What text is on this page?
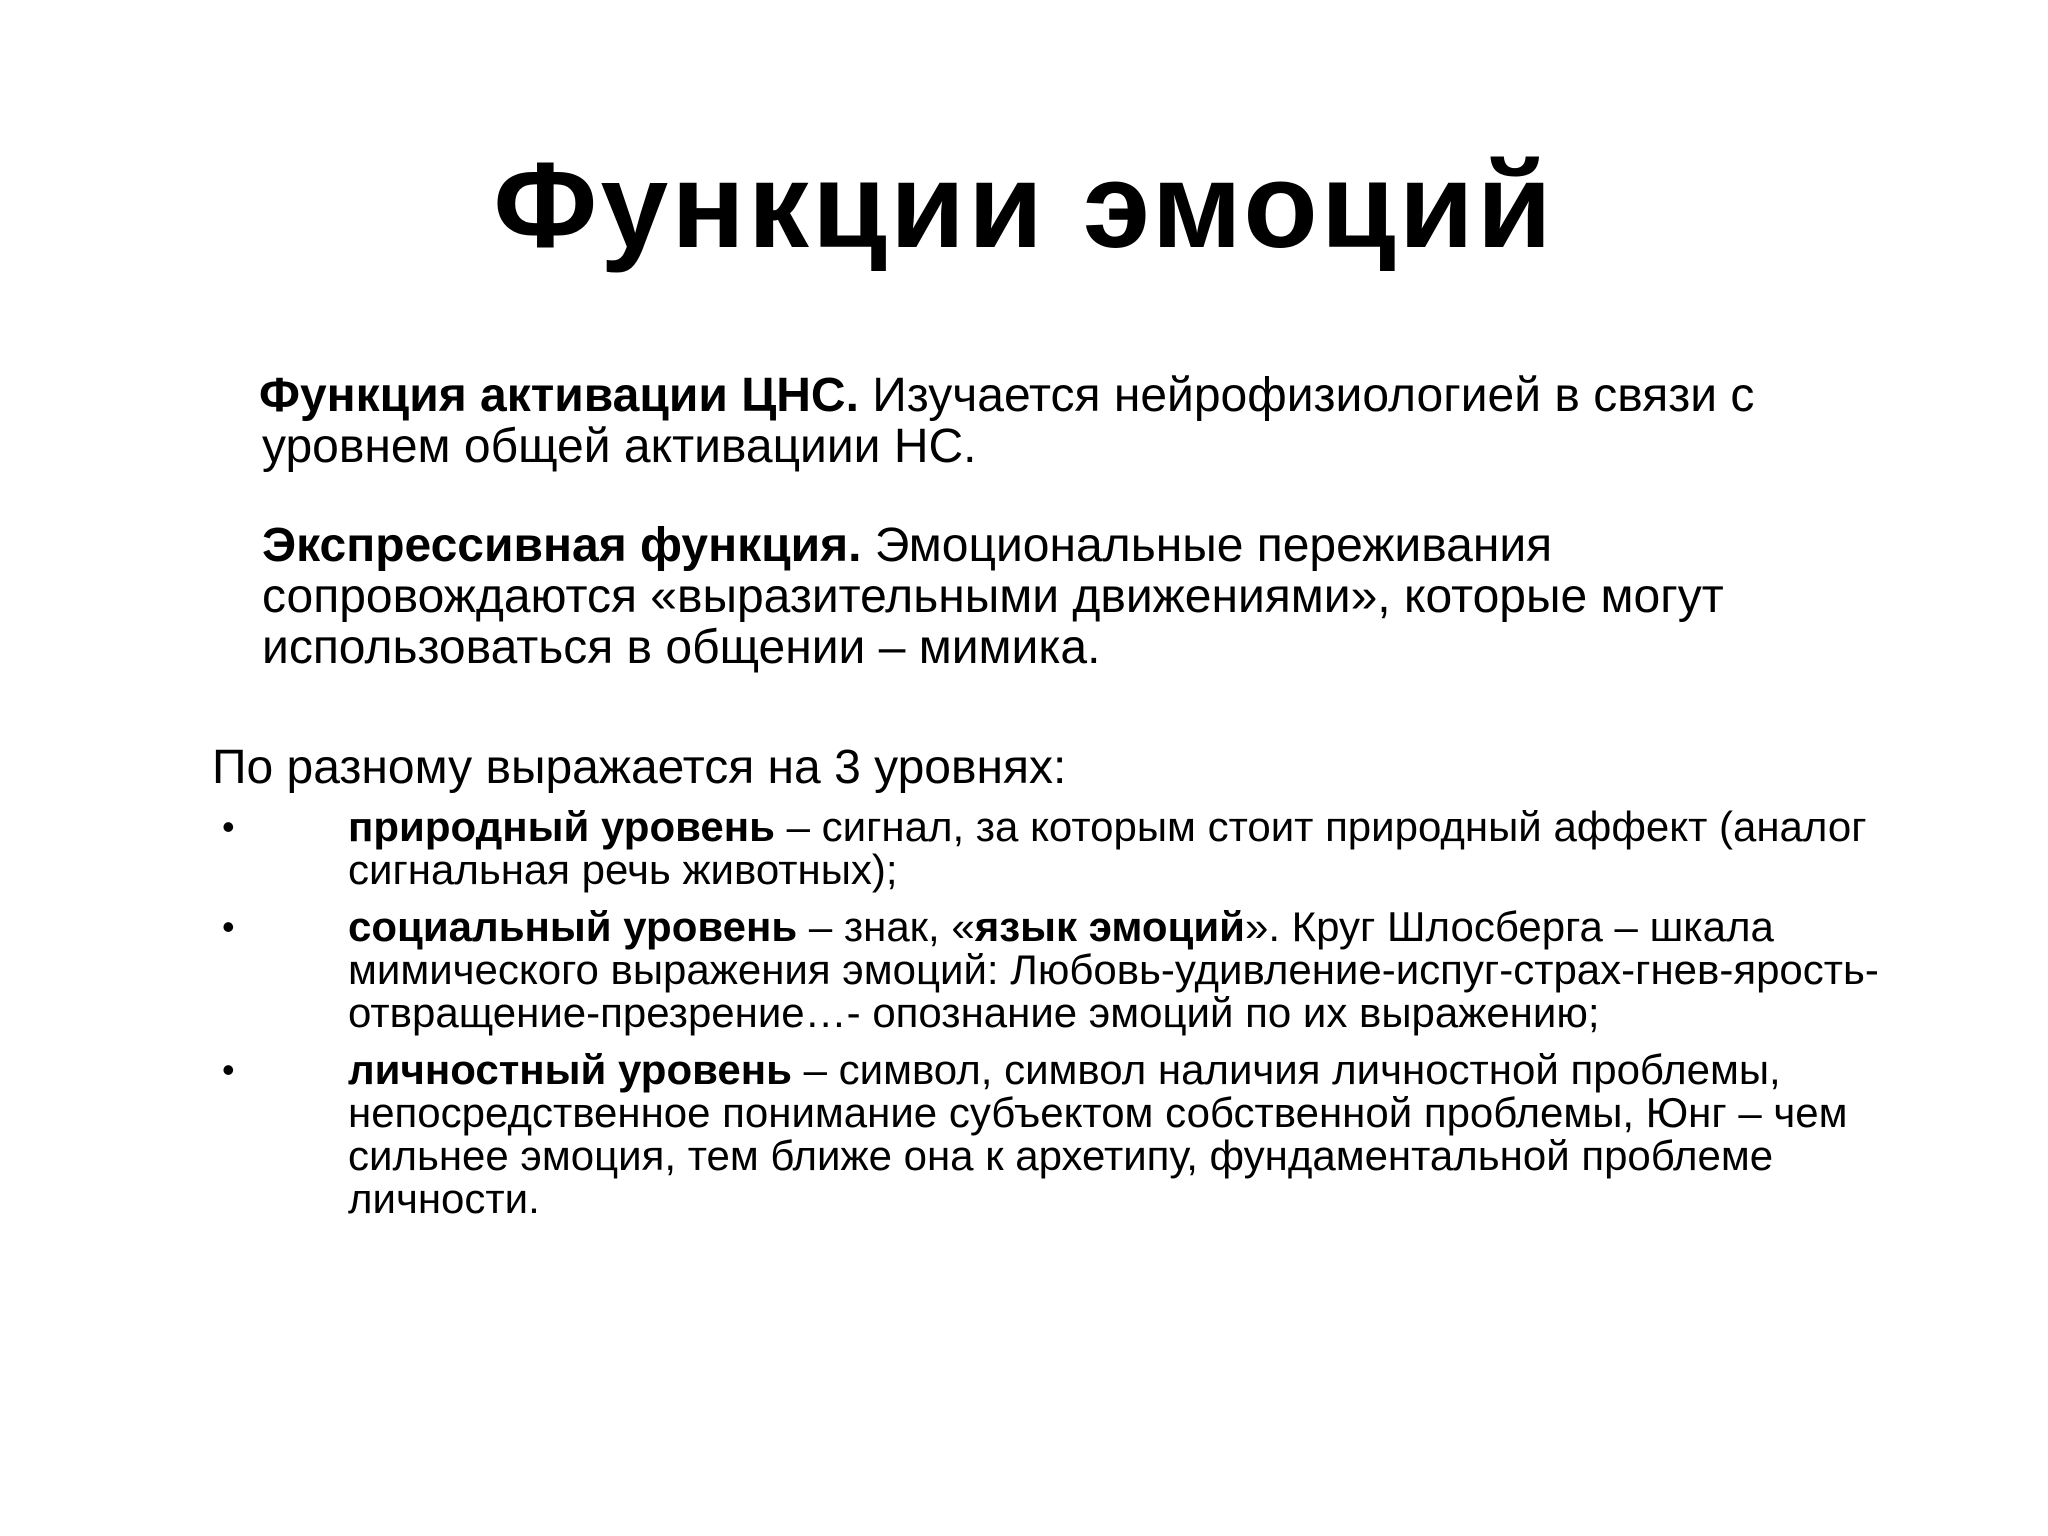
Функции эмоций

Функция активации ЦНС. Изучается нейрофизиологией в связи с уровнем общей активациии НС.

Экспрессивная функция. Эмоциональные переживания сопровождаются «выразительными движениями», которые могут использоваться в общении – мимика.

По разному выражается на 3 уровнях:

•	природный уровень – сигнал, за которым стоит природный аффект (аналог сигнальная речь животных);
•	социальный уровень – знак, «язык эмоций». Круг Шлосберга – шкала мимического выражения эмоций: Любовь-удивление-испуг-страх-гнев-ярость-отвращение-презрение…- опознание эмоций по их выражению;
•	личностный уровень – символ, символ наличия личностной проблемы, непосредственное понимание субъектом собственной проблемы, Юнг – чем сильнее эмоция, тем ближе она к архетипу, фундаментальной проблеме личности.
